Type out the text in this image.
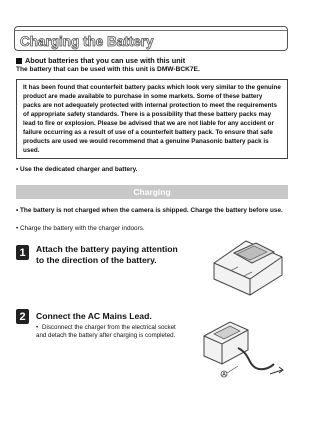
Charging the Battery
About batteries that you can use with this unit
The battery that can be used with this unit is DMW-BCK7E.
It has been found that counterfeit battery packs which look very similar to the genuine product are made available to purchase in some markets. Some of these battery packs are not adequately protected with internal protection to meet the requirements of appropriate safety standards. There is a possibility that these battery packs may lead to fire or explosion. Please be advised that we are not liable for any accident or failure occurring as a result of use of a counterfeit battery pack. To ensure that safe products are used we would recommend that a genuine Panasonic battery pack is used.
• Use the dedicated charger and battery.
Charging
• The battery is not charged when the camera is shipped. Charge the battery before use.
• Charge the battery with the charger indoors.
1	Attach the battery paying attention to the direction of the battery.
2	Connect the AC Mains Lead.
• Disconnect the charger from the electrical socket and detach the battery after charging is completed.
A
